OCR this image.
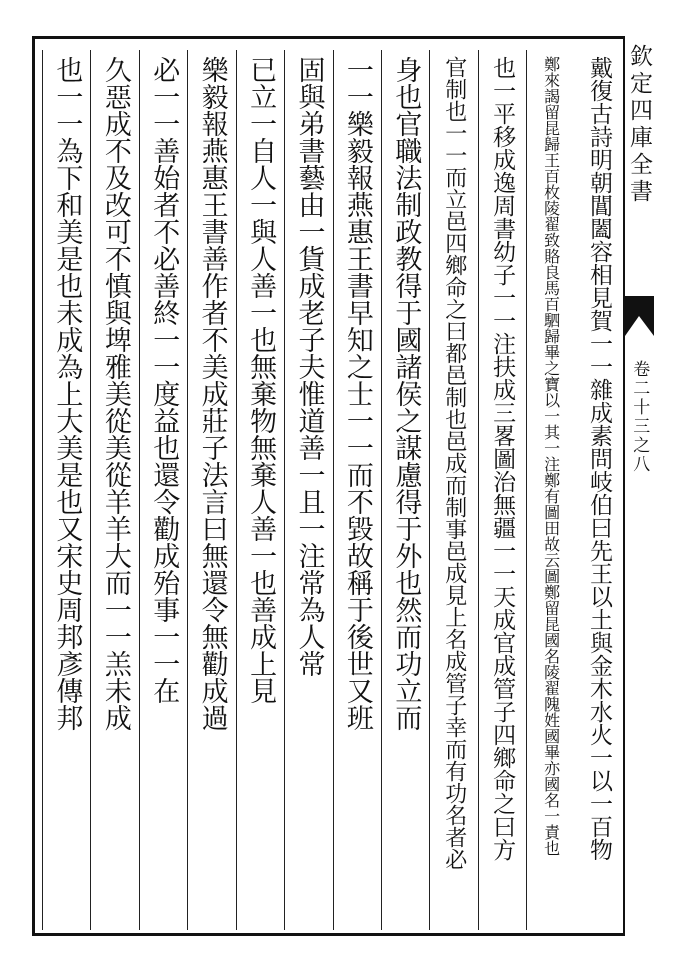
欽定四庫全書
卷二十三之八
戴復古詩明朝閶闔容相見賀一一雜成素問岐伯曰先王以土與金木水火一以一百物
鄭來謁留昆歸王百枚陵翟致賂良馬百駟歸畢之寶以一其一注鄭有圖田故云圖鄭留昆國名陵翟隗姓國畢亦國名一責也
也一平移成逸周書幼子一一注扶成三畧圖治無疆一一天成官成管子四鄉命之曰方
官制也一一而立邑四鄉命之曰都邑制也邑成而制事邑成見上名成管子幸而有功名者必
身也官職法制政教得于國諸侯之謀慮得于外也然而功立而
一一樂毅報燕惠王書早知之士一一而不毀故稱于後世又班
固與弟書藝由一貨成老子夫惟道善一且一注常為人常
已立一自人一與人善一也無棄物無棄人善一也善成上見
樂毅報燕惠王書善作者不美成莊子法言曰無還令無勸成過
必一一善始者不必善終一一度益也還令勸成殆事一一在
久惡成不及改可不慎與埤雅美從美從羊羊大而一一羔未成
也一一為下和美是也未成為上大美是也又宋史周邦彥傳邦
